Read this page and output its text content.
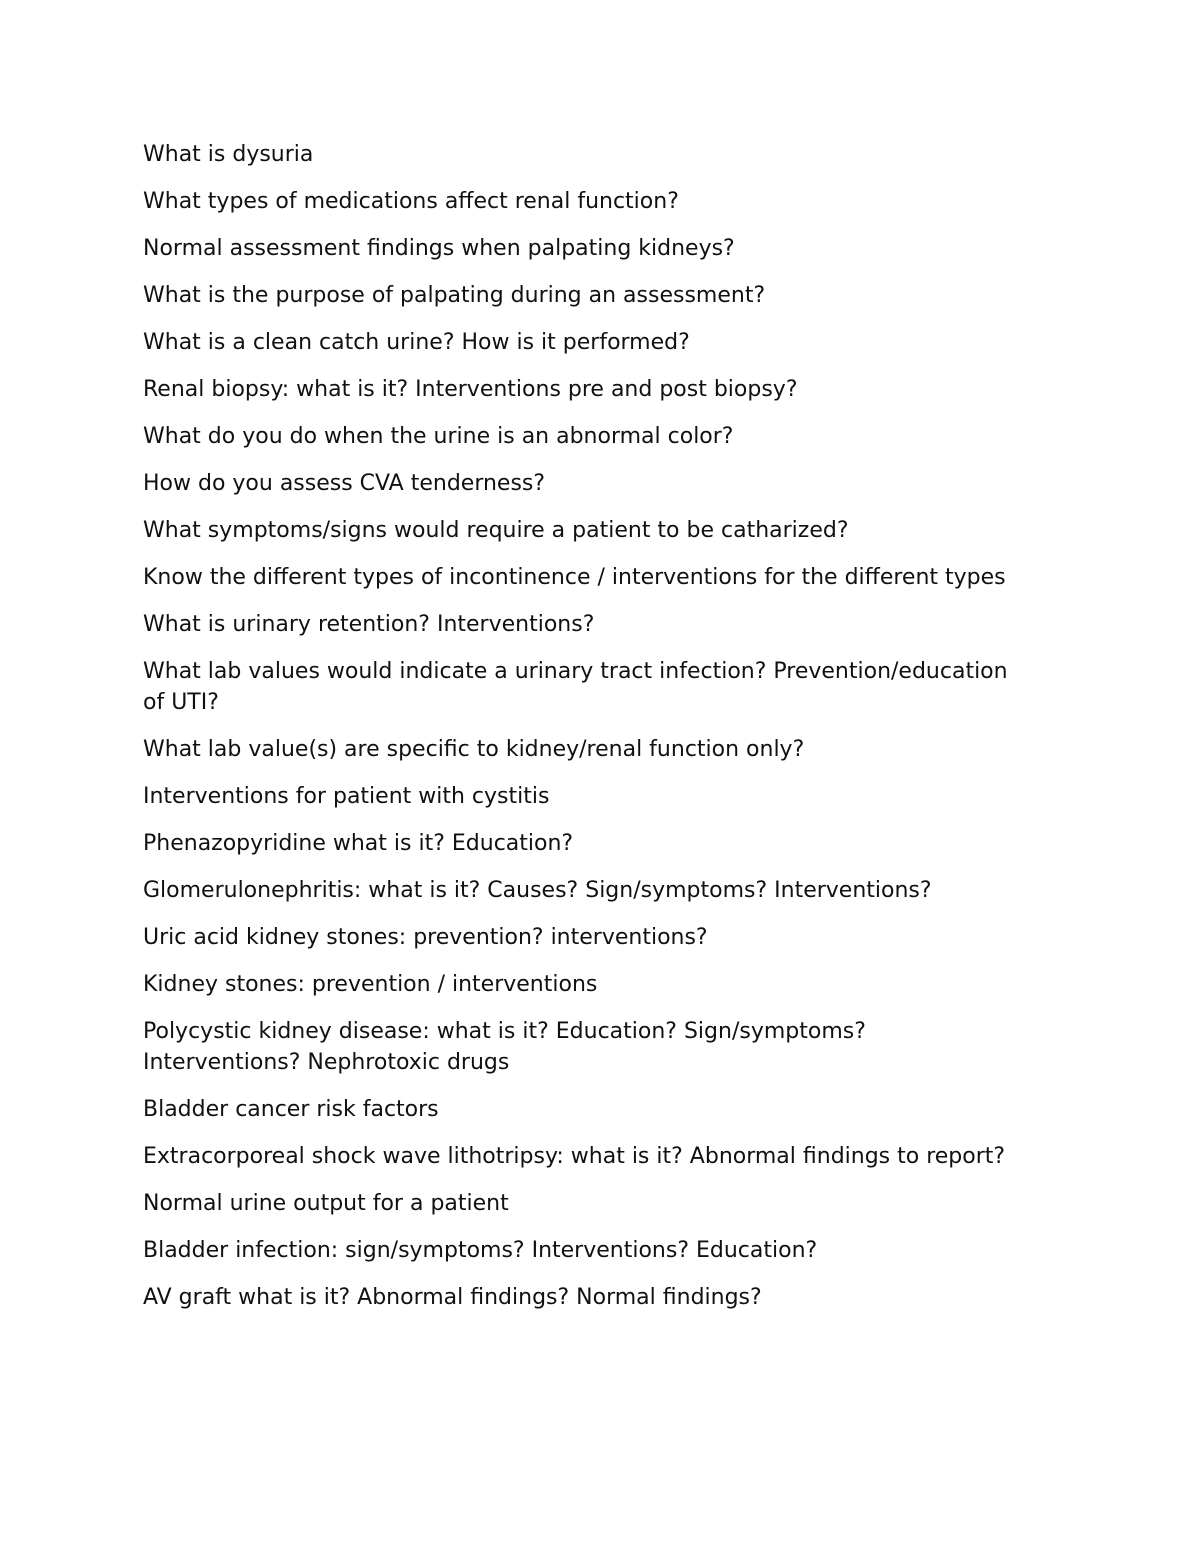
What is dysuria
What types of medications affect renal function?
Normal assessment findings when palpating kidneys?
What is the purpose of palpating during an assessment?
What is a clean catch urine? How is it performed?
Renal biopsy: what is it? Interventions pre and post biopsy?
What do you do when the urine is an abnormal color?
How do you assess CVA tenderness?
What symptoms/signs would require a patient to be catharized?
Know the different types of incontinence / interventions for the different types
What is urinary retention? Interventions?
What lab values would indicate a urinary tract infection? Prevention/education of UTI?
What lab value(s) are specific to kidney/renal function only?
Interventions for patient with cystitis
Phenazopyridine what is it? Education?
Glomerulonephritis: what is it? Causes? Sign/symptoms? Interventions?
Uric acid kidney stones: prevention? interventions?
Kidney stones: prevention / interventions
Polycystic kidney disease: what is it? Education? Sign/symptoms? Interventions? Nephrotoxic drugs
Bladder cancer risk factors
Extracorporeal shock wave lithotripsy: what is it? Abnormal findings to report?
Normal urine output for a patient
Bladder infection: sign/symptoms? Interventions? Education?
AV graft what is it? Abnormal findings? Normal findings?
